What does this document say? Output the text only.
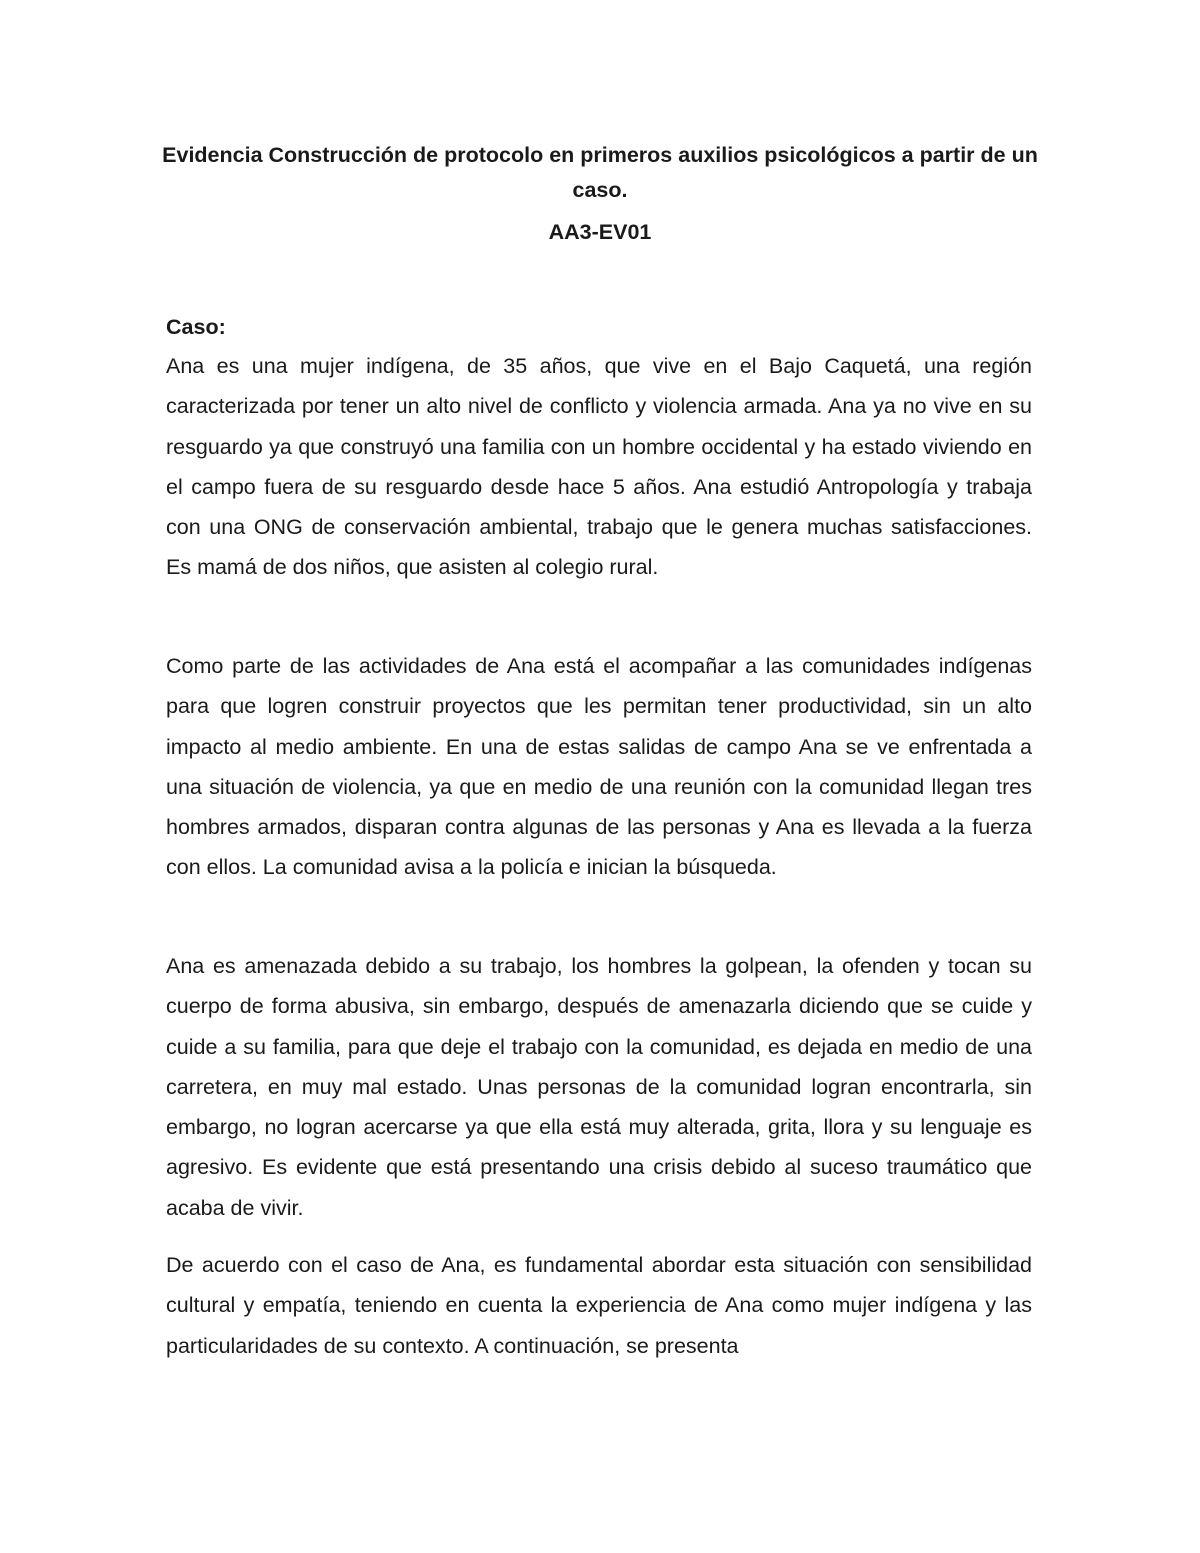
Evidencia Construcción de protocolo en primeros auxilios psicológicos a partir de un caso.

AA3-EV01

Caso:

Ana es una mujer indígena, de 35 años, que vive en el Bajo Caquetá, una región caracterizada por tener un alto nivel de conflicto y violencia armada. Ana ya no vive en su resguardo ya que construyó una familia con un hombre occidental y ha estado viviendo en el campo fuera de su resguardo desde hace 5 años. Ana estudió Antropología y trabaja con una ONG de conservación ambiental, trabajo que le genera muchas satisfacciones. Es mamá de dos niños, que asisten al colegio rural.

Como parte de las actividades de Ana está el acompañar a las comunidades indígenas para que logren construir proyectos que les permitan tener productividad, sin un alto impacto al medio ambiente. En una de estas salidas de campo Ana se ve enfrentada a una situación de violencia, ya que en medio de una reunión con la comunidad llegan tres hombres armados, disparan contra algunas de las personas y Ana es llevada a la fuerza con ellos. La comunidad avisa a la policía e inician la búsqueda.

Ana es amenazada debido a su trabajo, los hombres la golpean, la ofenden y tocan su cuerpo de forma abusiva, sin embargo, después de amenazarla diciendo que se cuide y cuide a su familia, para que deje el trabajo con la comunidad, es dejada en medio de una carretera, en muy mal estado. Unas personas de la comunidad logran encontrarla, sin embargo, no logran acercarse ya que ella está muy alterada, grita, llora y su lenguaje es agresivo. Es evidente que está presentando una crisis debido al suceso traumático que acaba de vivir.

De acuerdo con el caso de Ana, es fundamental abordar esta situación con sensibilidad cultural y empatía, teniendo en cuenta la experiencia de Ana como mujer indígena y las particularidades de su contexto. A continuación, se presenta
